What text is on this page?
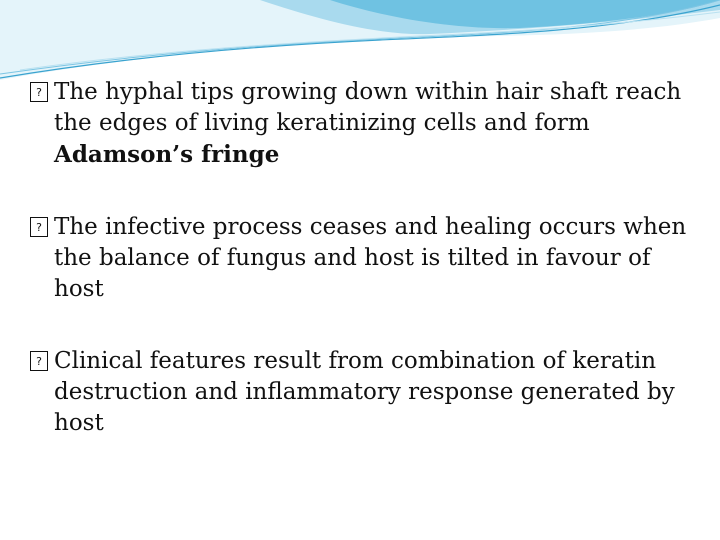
? The hyphal tips growing down within hair shaft reach the edges of living keratinizing cells and form
Adamson’s fringe
? The infective process ceases and healing occurs when the balance of fungus and host is tilted in favour of host
? Clinical features result from combination of keratin destruction and inflammatory response generated by host
